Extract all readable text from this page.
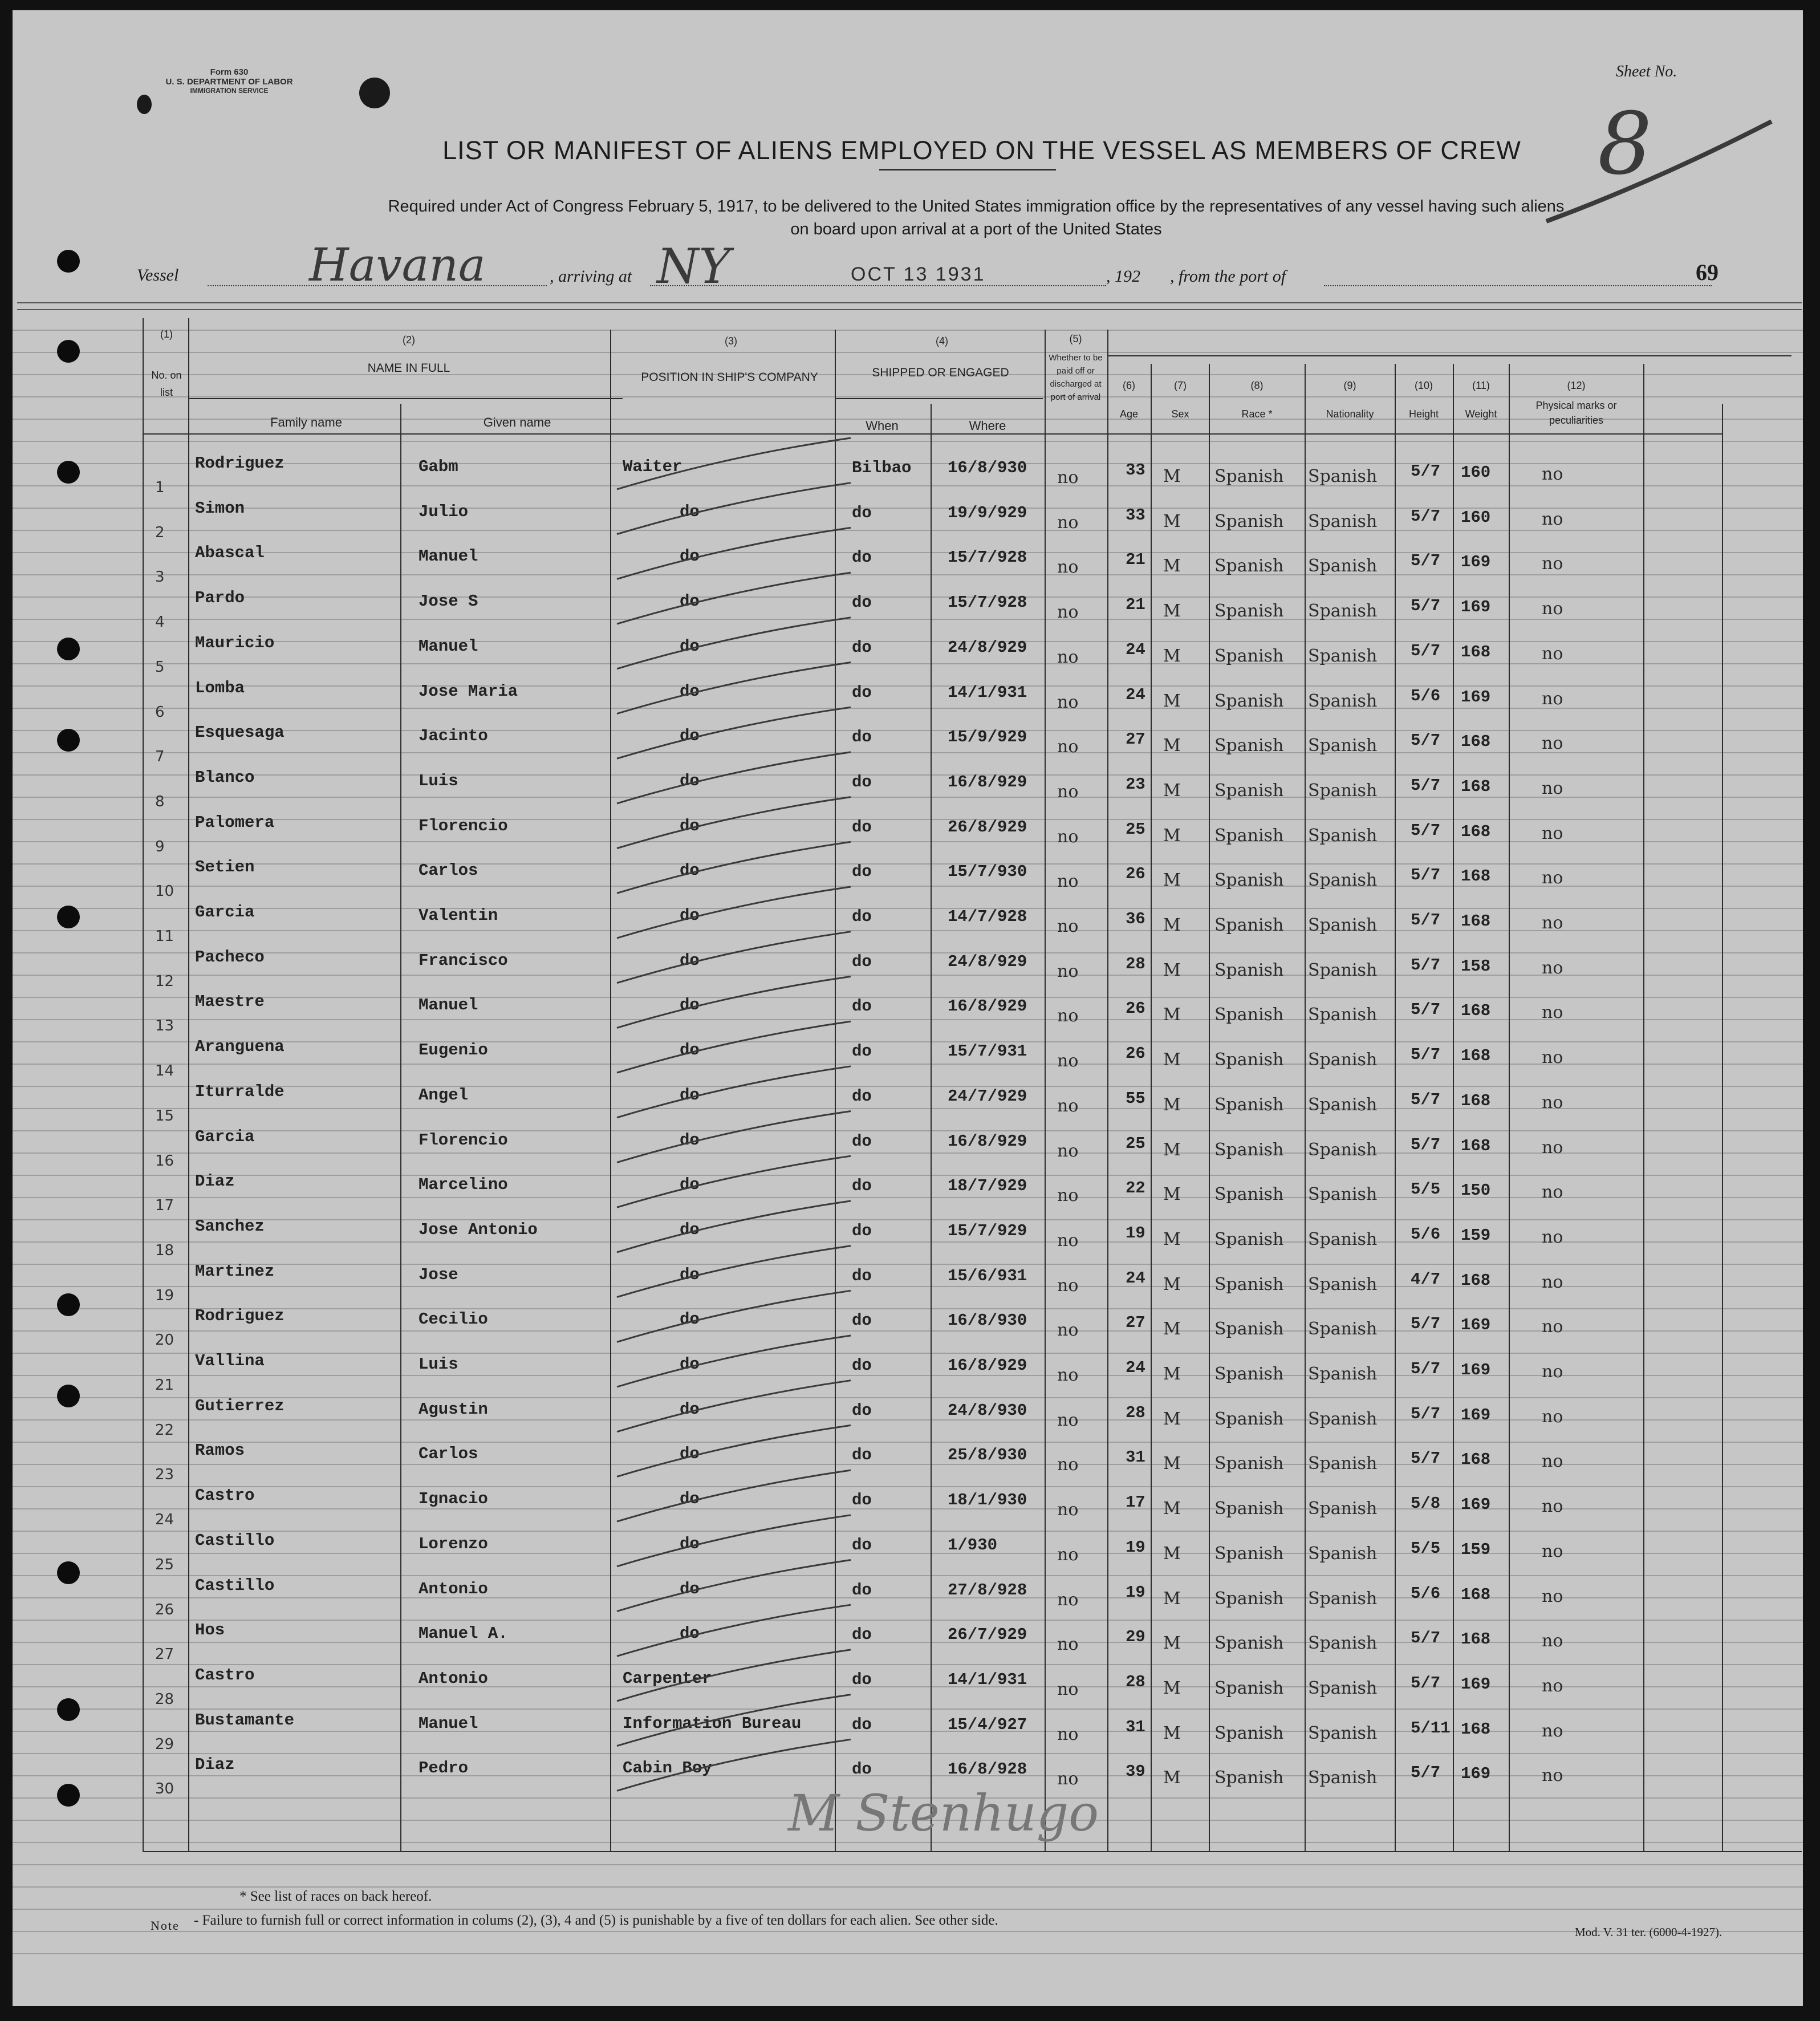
Form 630
U. S. DEPARTMENT OF LABOR
IMMIGRATION SERVICE
Sheet No.
8
LIST OR MANIFEST OF ALIENS EMPLOYED ON THE VESSEL AS MEMBERS OF CREW
Required under Act of Congress February 5, 1917, to be delivered to the United States immigration office by the representatives of any vessel having such aliens
on board upon arrival at a port of the United States
Vessel	Havana	, arriving at NY	OCT 13 1931	, 192 , from the port of	69
(1)
No. on list
(2)
NAME IN FULL
Family name	Given name
(3)
POSITION IN SHIP'S COMPANY
(4)
SHIPPED OR ENGAGED
When	Where
(5)
Whether to be paid off or discharged at port of arrival
(6)
Age
(7)
Sex
(8)
Race *
(9)
Nationality
(10)
Height
(11)
Weight
(12)
Physical marks or peculiarities
1
Rodriguez	Gabm	Waiter	Bilbao 16/8/930 no	33 M Spanish Spanish 5/7 160	no
2
Simon	Julio	do	do	19/9/929 no	33 M Spanish Spanish 5/7 160	no
3
Abascal	Manuel	do	do	15/7/928 no	21 M Spanish Spanish 5/7 169	no
4
Pardo	Jose S	do	do	15/7/928 no	21 M Spanish Spanish 5/7 169	no
5
Mauricio	Manuel	do	do	24/8/929 no	24 M Spanish Spanish 5/7 168	no
6
Lomba	Jose Maria	do	do	14/1/931 no	24 M Spanish Spanish 5/6 169	no
7
Esquesaga	Jacinto	do	do	15/9/929 no	27 M Spanish Spanish 5/7 168	no
8
Blanco	Luis	do	do	16/8/929 no	23 M Spanish Spanish 5/7 168	no
9
Palomera	Florencio	do	do	26/8/929 no	25 M Spanish Spanish 5/7 168	no
10
Setien	Carlos	do	do	15/7/930 no	26 M Spanish Spanish 5/7 168	no
11
Garcia	Valentin	do	do	14/7/928 no	36 M Spanish Spanish 5/7 168	no
12
Pacheco	Francisco	do	do	24/8/929 no	28 M Spanish Spanish 5/7 158	no
13
Maestre	Manuel	do	do	16/8/929 no	26 M Spanish Spanish 5/7 168	no
14
Aranguena	Eugenio	do	do	15/7/931 no	26 M Spanish Spanish 5/7 168	no
15
Iturralde	Angel	do	do	24/7/929 no	55 M Spanish Spanish 5/7 168	no
16
Garcia	Florencio	do	do	16/8/929 no	25 M Spanish Spanish 5/7 168	no
17
Diaz	Marcelino	do	do	18/7/929 no	22 M Spanish Spanish 5/5 150	no
18
Sanchez	Jose Antonio	do	do	15/7/929 no	19 M Spanish Spanish 5/6 159	no
19
Martinez	Jose	do	do	15/6/931 no	24 M Spanish Spanish 4/7 168	no
20
Rodriguez	Cecilio	do	do	16/8/930 no	27 M Spanish Spanish 5/7 169	no
21
Vallina	Luis	do	do	16/8/929 no	24 M Spanish Spanish 5/7 169	no
22
Gutierrez	Agustin	do	do	24/8/930 no	28 M Spanish Spanish 5/7 169	no
23
Ramos	Carlos	do	do	25/8/930 no	31 M Spanish Spanish 5/7 168	no
24
Castro	Ignacio	do	do	18/1/930 no	17 M Spanish Spanish 5/8 169	no
25
Castillo	Lorenzo	do	do	1/930	no	19 M Spanish Spanish 5/5 159	no
26
Castillo	Antonio	do	do	27/8/928 no	19 M Spanish Spanish 5/6 168	no
27
Hos	Manuel A.	do	do	26/7/929 no	29 M Spanish Spanish 5/7 168	no
28
Castro	Antonio	Carpenter	do	14/1/931 no	28 M Spanish Spanish 5/7 169	no
29
Bustamante	Manuel	Information Bureau	do	15/4/927 no	31 M Spanish Spanish 5/11 168	no
30
Diaz	Pedro	Cabin Boy	do	16/8/928 no	39 M Spanish Spanish 5/7 169	no
M Stenhugo
* See list of races on back hereof.
Note - Failure to furnish full or correct information in colums (2), (3), 4 and (5) is punishable by a five of ten dollars for each alien. See other side.
Mod. V. 31 ter. (6000-4-1927).
